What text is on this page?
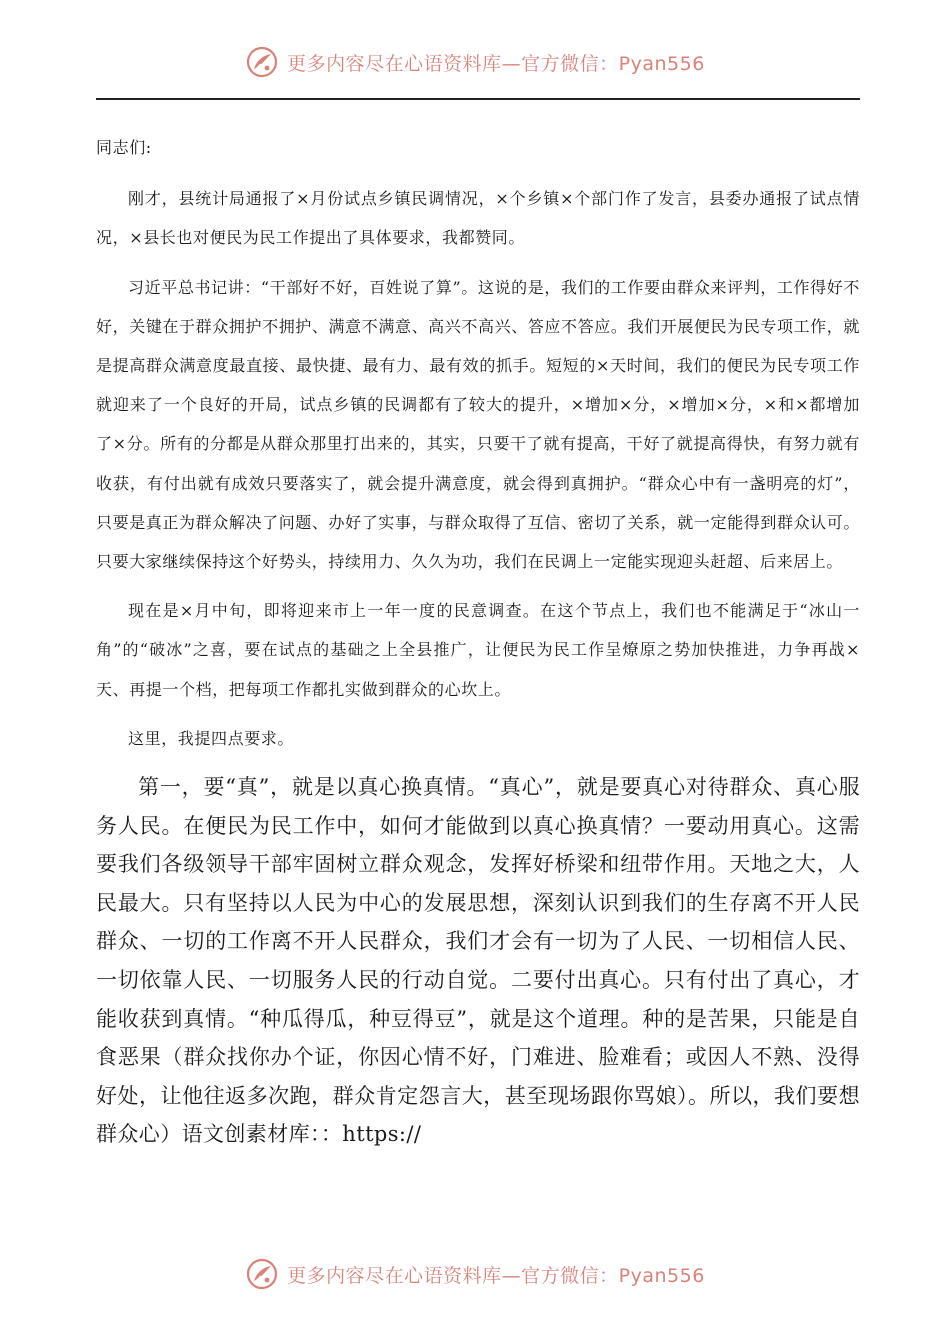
更多内容尽在心语资料库—官方微信：Pyan556

同志们:

刚才，县统计局通报了×月份试点乡镇民调情况，×个乡镇×个部门作了发言，县委办通报了试点情况，×县长也对便民为民工作提出了具体要求，我都赞同。

习近平总书记讲：“干部好不好，百姓说了算”。这说的是，我们的工作要由群众来评判，工作得好不好，关键在于群众拥护不拥护、满意不满意、高兴不高兴、答应不答应。我们开展便民为民专项工作，就是提高群众满意度最直接、最快捷、最有力、最有效的抓手。短短的×天时间，我们的便民为民专项工作就迎来了一个良好的开局，试点乡镇的民调都有了较大的提升，×增加×分，×增加×分，×和×都增加了×分。所有的分都是从群众那里打出来的，其实，只要干了就有提高，干好了就提高得快，有努力就有收获，有付出就有成效只要落实了，就会提升满意度，就会得到真拥护。“群众心中有一盏明亮的灯”，只要是真正为群众解决了问题、办好了实事，与群众取得了互信、密切了关系，就一定能得到群众认可。只要大家继续保持这个好势头，持续用力、久久为功，我们在民调上一定能实现迎头赶超、后来居上。

现在是×月中旬，即将迎来市上一年一度的民意调查。在这个节点上，我们也不能满足于“冰山一角”的“破冰”之喜，要在试点的基础之上全县推广，让便民为民工作呈燎原之势加快推进，力争再战×天、再提一个档，把每项工作都扎实做到群众的心坎上。

这里，我提四点要求。

第一，要“真”，就是以真心换真情。“真心”，就是要真心对待群众、真心服务人民。在便民为民工作中，如何才能做到以真心换真情？一要动用真心。这需要我们各级领导干部牢固树立群众观念，发挥好桥梁和纽带作用。天地之大，人民最大。只有坚持以人民为中心的发展思想，深刻认识到我们的生存离不开人民群众、一切的工作离不开人民群众，我们才会有一切为了人民、一切相信人民、一切依靠人民、一切服务人民的行动自觉。二要付出真心。只有付出了真心，才能收获到真情。“种瓜得瓜，种豆得豆”，就是这个道理。种的是苦果，只能是自食恶果（群众找你办个证，你因心情不好，门难进、脸难看；或因人不熟、没得好处，让他往返多次跑，群众肯定怨言大，甚至现场跟你骂娘）。所以，我们要想群众心）语文创素材库：：https://

更多内容尽在心语资料库—官方微信：Pyan556
